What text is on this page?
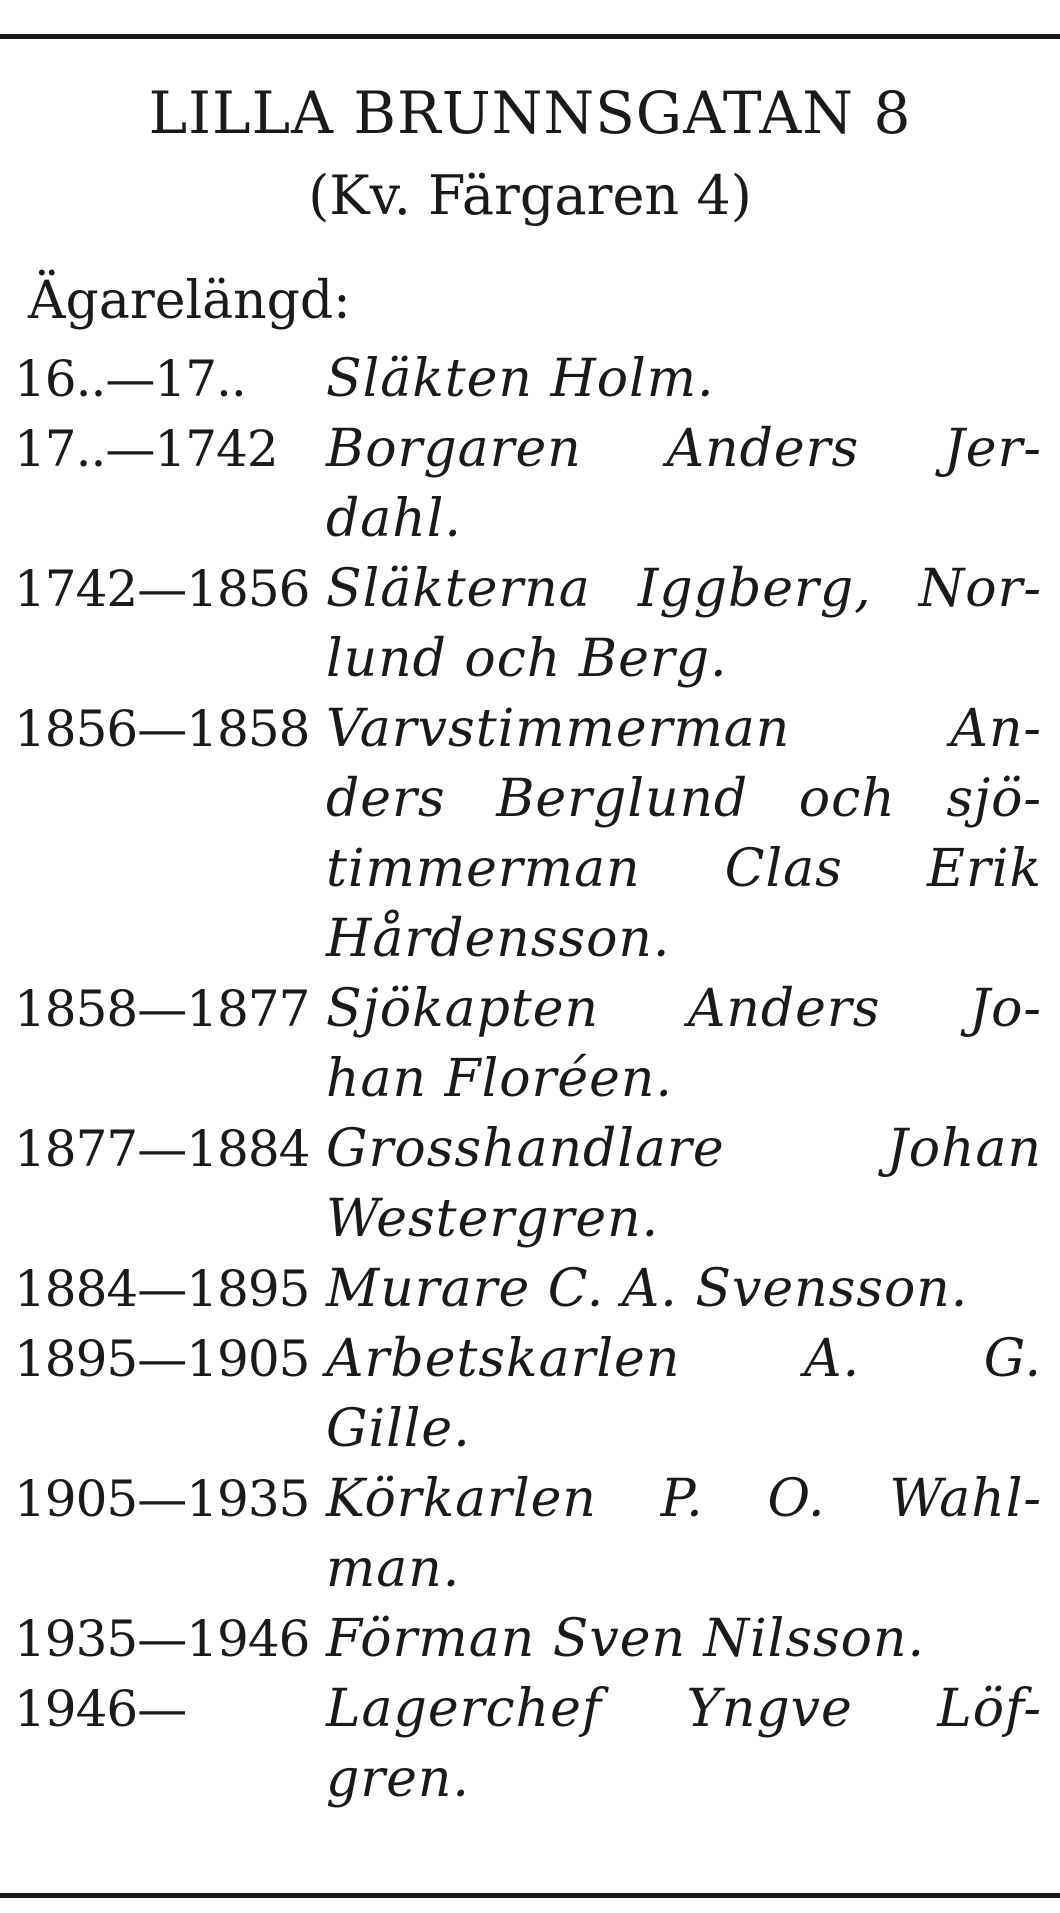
LILLA BRUNNSGATAN 8
(Kv. Färgaren 4)
Ägarelängd:
16..—17..	Släkten Holm.
17..—1742 Borgaren Anders Jer-
dahl.
1742—1856 Släkterna Iggberg, Nor-
lund och Berg.
1856—1858 Varvstimmerman An-
ders Berglund och sjö-
timmerman Clas Erik
Hårdensson.
1858—1877 Sjökapten Anders Jo-
han Floréen.
1877—1884 Grosshandlare Johan
Westergren.
1884—1895 Murare C. A. Svensson.
1895—1905 Arbetskarlen A. G.
Gille.
1905—1935 Körkarlen P. O. Wahl-
man.
1935—1946 Förman Sven Nilsson.
1946—	Lagerchef Yngve Löf-
gren.
